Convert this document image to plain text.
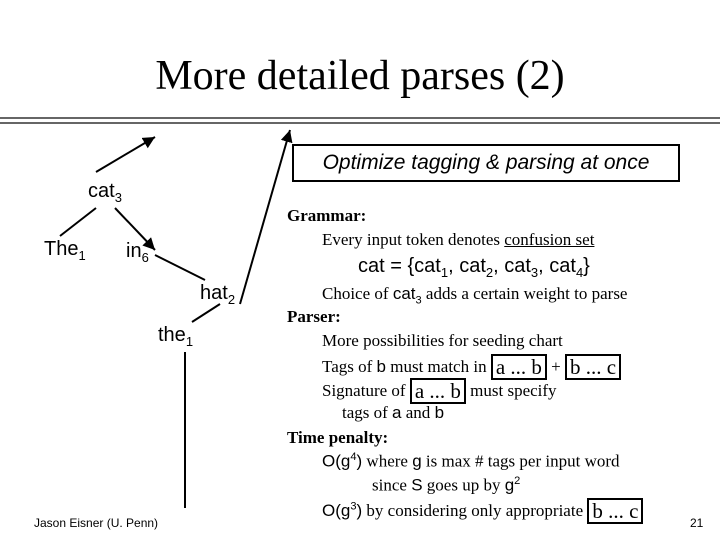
More detailed parses (2)
Optimize tagging & parsing at once
cat$_3$
The$_1$ $in_6$
hat$_2$
the$_1$
Grammar:
Every input token denotes confusion set
cat = {cat$_1$, cat$_2$, cat$_3$, cat$_4$}
Choice of cat$_3$ adds a certain weight to parse
Parser:
More possibilities for seeding chart
Tags of b must match in a ... b + b ... c
Signature of a ... b must specify
tags of a and b
Time penalty:
$O(g^4)$ where g is max # tags per input word
since S goes up by $g^2$
$O(g^3)$ by considering only appropriate b ... c
Jason Eisner (U. Penn)	21
